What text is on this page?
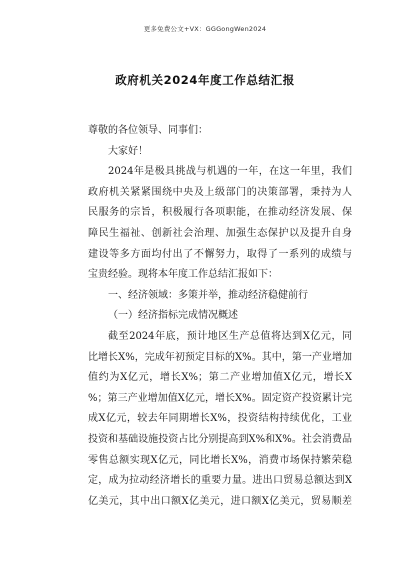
更多免费公文+VX：GGGongWen2024
政府机关2024年度工作总结汇报
尊敬的各位领导、同事们：
大家好！
2024年是极具挑战与机遇的一年，在这一年里，我们
政府机关紧紧围绕中央及上级部门的决策部署，秉持为人
民服务的宗旨，积极履行各项职能，在推动经济发展、保
障民生福祉、创新社会治理、加强生态保护以及提升自身
建设等多方面均付出了不懈努力，取得了一系列的成绩与
宝贵经验。现将本年度工作总结汇报如下：
一、经济领域：多策并举，推动经济稳健前行
（一）经济指标完成情况概述
截至2024年底，预计地区生产总值将达到X亿元，同
比增长X%，完成年初预定目标的X%。其中，第一产业增加
值约为X亿元，增长X%；第二产业增加值X亿元，增长X
%；第三产业增加值X亿元，增长X%。固定资产投资累计完
成X亿元，较去年同期增长X%，投资结构持续优化，工业
投资和基础设施投资占比分别提高到X%和X%。社会消费品
零售总额实现X亿元，同比增长X%，消费市场保持繁荣稳
定，成为拉动经济增长的重要力量。进出口贸易总额达到X
亿美元，其中出口额X亿美元，进口额X亿美元，贸易顺差
